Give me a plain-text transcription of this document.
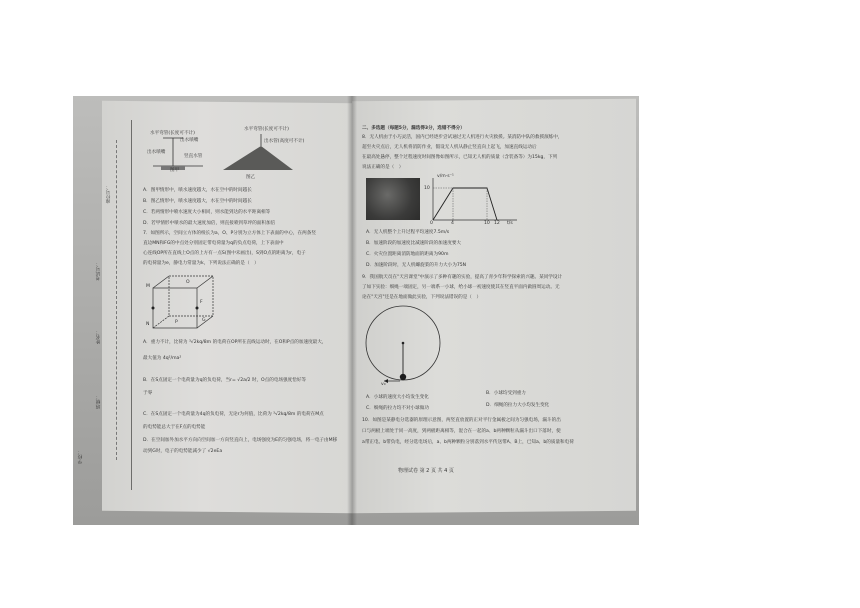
座位号：
考试号：
姓名：
班级：
学校：
水平弯管(长度可不计)
出水喷嘴
出水喷嘴
竖直水管
图甲
水平弯管(长度可不计)
出水管(高度可不计)
图乙
A．图甲情形中，喷水速度越大，水在空中的时间越长
B．图乙情形中，喷水速度越大，水在空中的时间越长
C．若两情形中喷水速度大小相同，则水能到达的水平距离相等
D．若甲情形中喷水的最大速度加倍，则直接喷到草坪的面积加倍
7．如图所示，空间立方体的棱长为a，O、P分别为立方体上下表面的中心，在两条竖
直边MN和FG的中点处分别固定带电荷量为q的负点电荷，上下表面中
心连线OP所在直线上O点的上方有一点S(图中未画出)，S到O点的距离为r，电子
的电荷量为e，静电力常量为k，下列说法正确的是（　）
M
N
O
P
F
G
A．重力不计，比荷为 ³√2kq/8m 的电荷在OP所在直线运动时，在O和P点的加速度最大，
最大值为 4q²/ma²
B．在S点固定一个电荷量为q的负电荷，当r= √2a/2 时，O点的电场强度恰好等
于零
C．在S点固定一个电荷量为4q的负电荷，无论r为何值，比荷为 ³√2kq/8m 的电荷在M点
的电势能总大于在F点的电势能
D．在空间加外加水平方向向空间加一方向竖直向上，电场强度为E的匀强电场，将一电子由M移
动到G时，电子的电势能减少了 √2eEa
二、多选题（每题5分，漏选得3分，选错不得分）
8．无人机由于小巧灵活，国内已经逐步尝试通过无人机进行火灾救援。某消防中队的救援演练中，
超至火灾点后，无人机将消防作业，假设无人机从静止竖直向上起飞，加速直线运动后
在最高处悬停，整个过程速度时间图像如图所示，已知无人机的质量（含装备等）为15kg，下列
说法正确的是（　）
v/m·s⁻¹
10
0	4	10 12 t/s
A．无人机整个上升过程平均速度7.5m/s
B．加速阶段的加速度比减速阶段的加速度要大
C．火灾位置距离消防地面的距离为90m
D．加速阶段时，无人机螺旋桨的升力大小为75N
9．我国航天员在"天宫课堂"中演示了多种有趣的实验，提高了青少年科学探索的兴趣。某同学设计
了如下实验：细绳一端固定，另一端系一小球，给小球一初速度使其在竖直平面内做圆周运动。无
论在"天宫"还是在地面做此实验，下列说法错误的是（　）
v₀
A．小球的速度大小均发生变化
B．小球均受到重力
C．细绳的拉力均不对小球做功
D．细绳的拉力大小均发生变化
10．如图是某静电分选器的原理示意图，两竖直放置的正对平行金属板之间为匀强电场，漏斗的出
口与两板上端处于同一高度，到两板距离相等，混合在一起的a、b两种颗粒从漏斗出口下落时，使
a带正电、b带负电，经分选电场后，a、b两种颗粒分别落到水平传送带A、B上，已知a、b的质量和电荷
物理试卷 第 2 页 共 4 页
